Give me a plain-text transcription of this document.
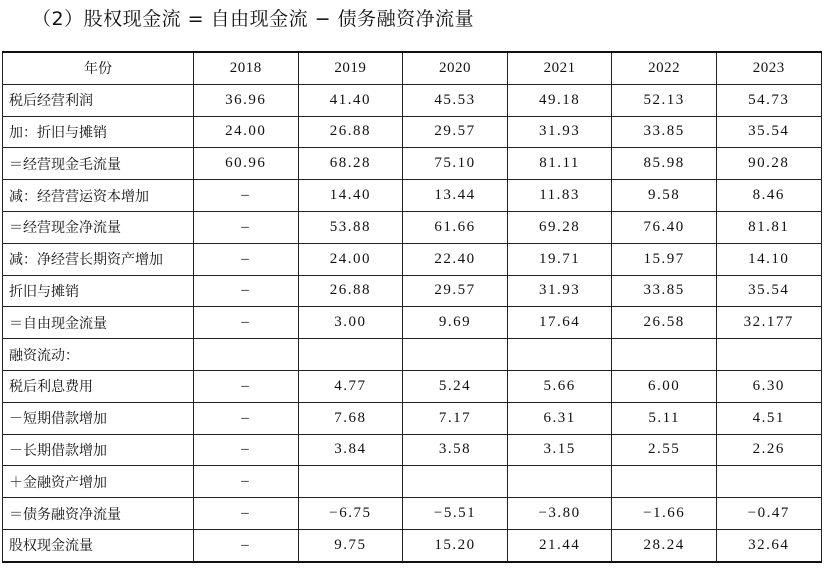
（2）股权现金流 = 自由现金流 − 债务融资净流量
年份	2018	2019	2020	2021	2022	2023
税后经营利润	36.96	41.40	45.53	49.18	52.13	54.73
加：折旧与摊销	24.00	26.88	29.57	31.93	33.85	35.54
＝经营现金毛流量	60.96	68.28	75.10	81.11	85.98	90.28
减：经营营运资本增加	–	14.40	13.44	11.83	9.58	8.46
＝经营现金净流量	–	53.88	61.66	69.28	76.40	81.81
减：净经营长期资产增加	–	24.00	22.40	19.71	15.97	14.10
折旧与摊销	–	26.88	29.57	31.93	33.85	35.54
＝自由现金流量	–	3.00	9.69	17.64	26.58	32.177
融资流动：						
税后利息费用	–	4.77	5.24	5.66	6.00	6.30
－短期借款增加	–	7.68	7.17	6.31	5.11	4.51
－长期借款增加	–	3.84	3.58	3.15	2.55	2.26
＋金融资产增加	–					
＝债务融资净流量	–	−6.75	−5.51	−3.80	−1.66	−0.47
股权现金流量	–	9.75	15.20	21.44	28.24	32.64
